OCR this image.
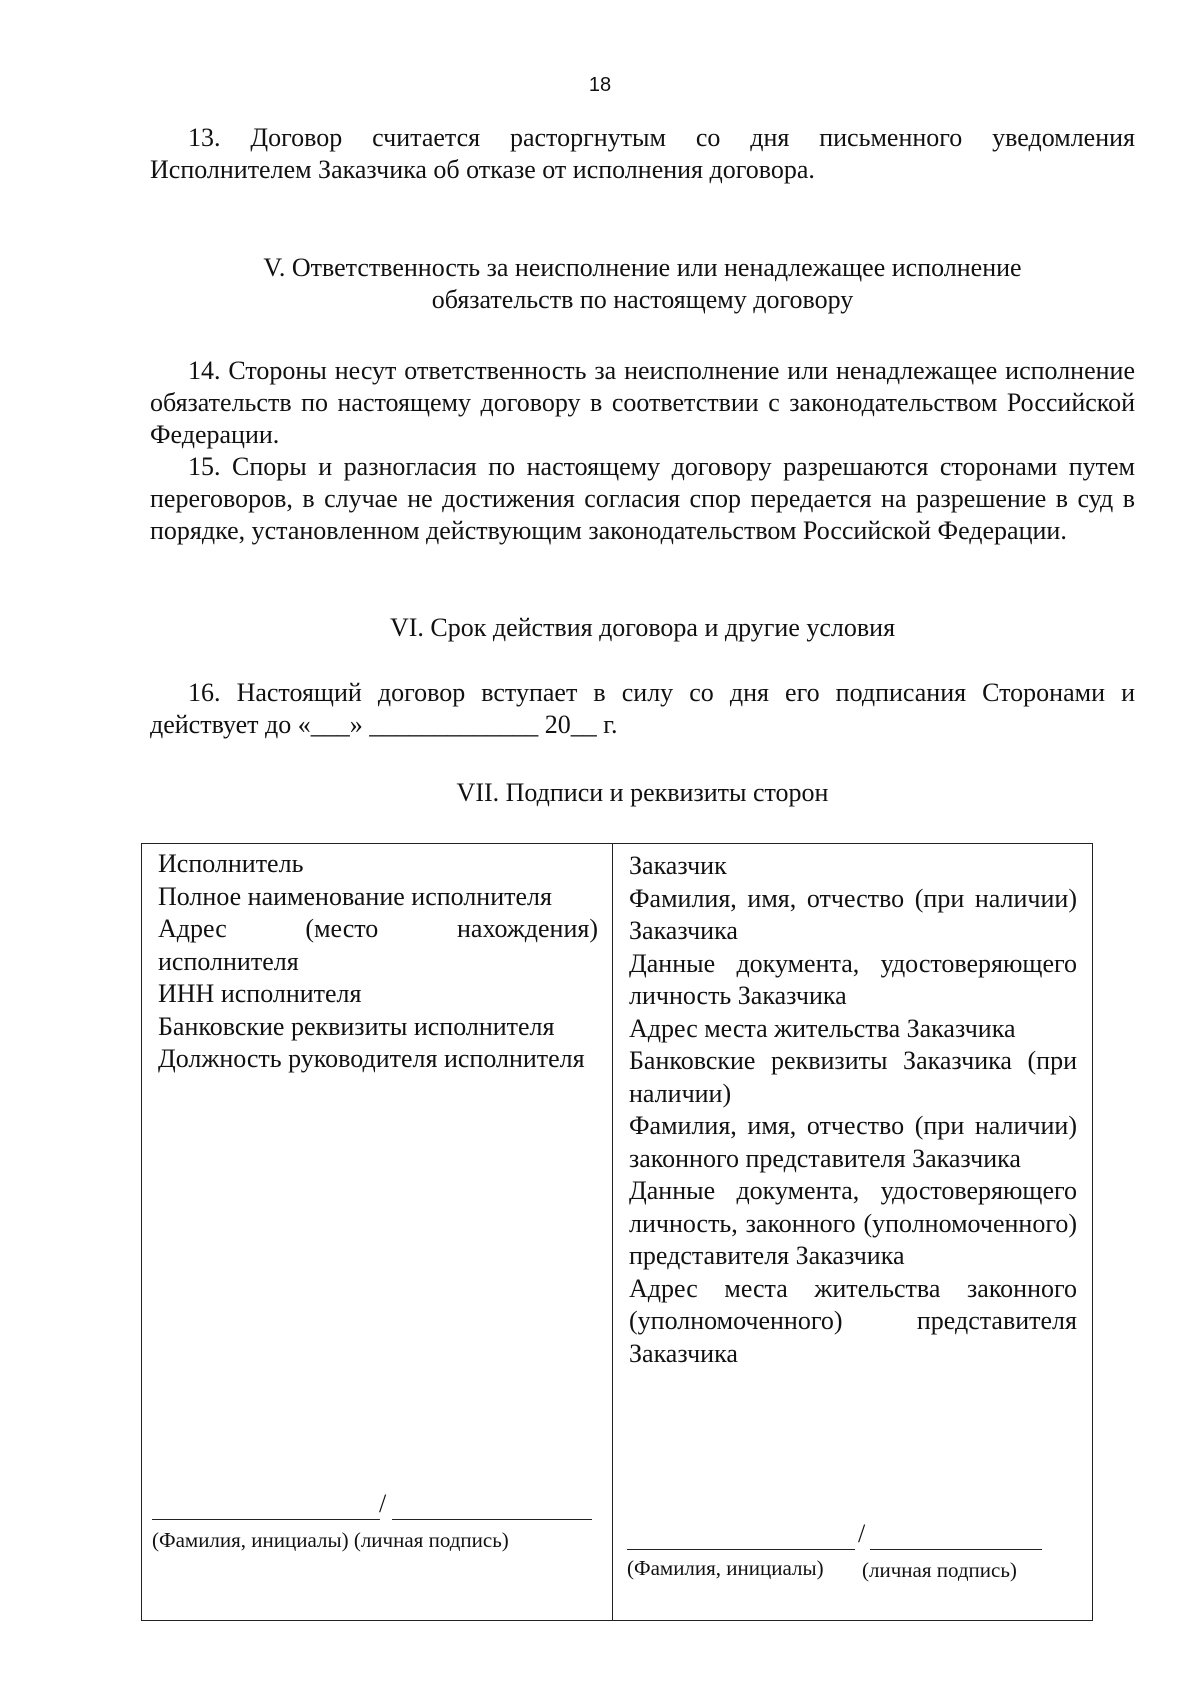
18
13. Договор считается расторгнутым со дня письменного уведомления Исполнителем Заказчика об отказе от исполнения договора.
V. Ответственность за неисполнение или ненадлежащее исполнение
обязательств по настоящему договору
14. Стороны несут ответственность за неисполнение или ненадлежащее исполнение обязательств по настоящему договору в соответствии с законодательством Российской Федерации.
15. Споры и разногласия по настоящему договору разрешаются сторонами путем переговоров, в случае не достижения согласия спор передается на разрешение в суд в порядке, установленном действующим законодательством Российской Федерации.
VI. Срок действия договора и другие условия
16. Настоящий договор вступает в силу со дня его подписания Сторонами и
действует до «___» _____________ 20__ г.
VII. Подписи и реквизиты сторон
Исполнитель
Полное наименование исполнителя
Адрес (место нахождения) исполнителя
ИНН исполнителя
Банковские реквизиты исполнителя
Должность руководителя исполнителя
/
(Фамилия, инициалы) (личная подпись)
Заказчик
Фамилия, имя, отчество (при наличии) Заказчика
Данные документа, удостоверяющего личность Заказчика
Адрес места жительства Заказчика
Банковские реквизиты Заказчика (при наличии)
Фамилия, имя, отчество (при наличии)
законного представителя Заказчика
Данные документа, удостоверяющего личность, законного (уполномоченного) представителя Заказчика
Адрес места жительства законного (уполномоченного) представителя Заказчика
/
(Фамилия, инициалы) (личная подпись)
